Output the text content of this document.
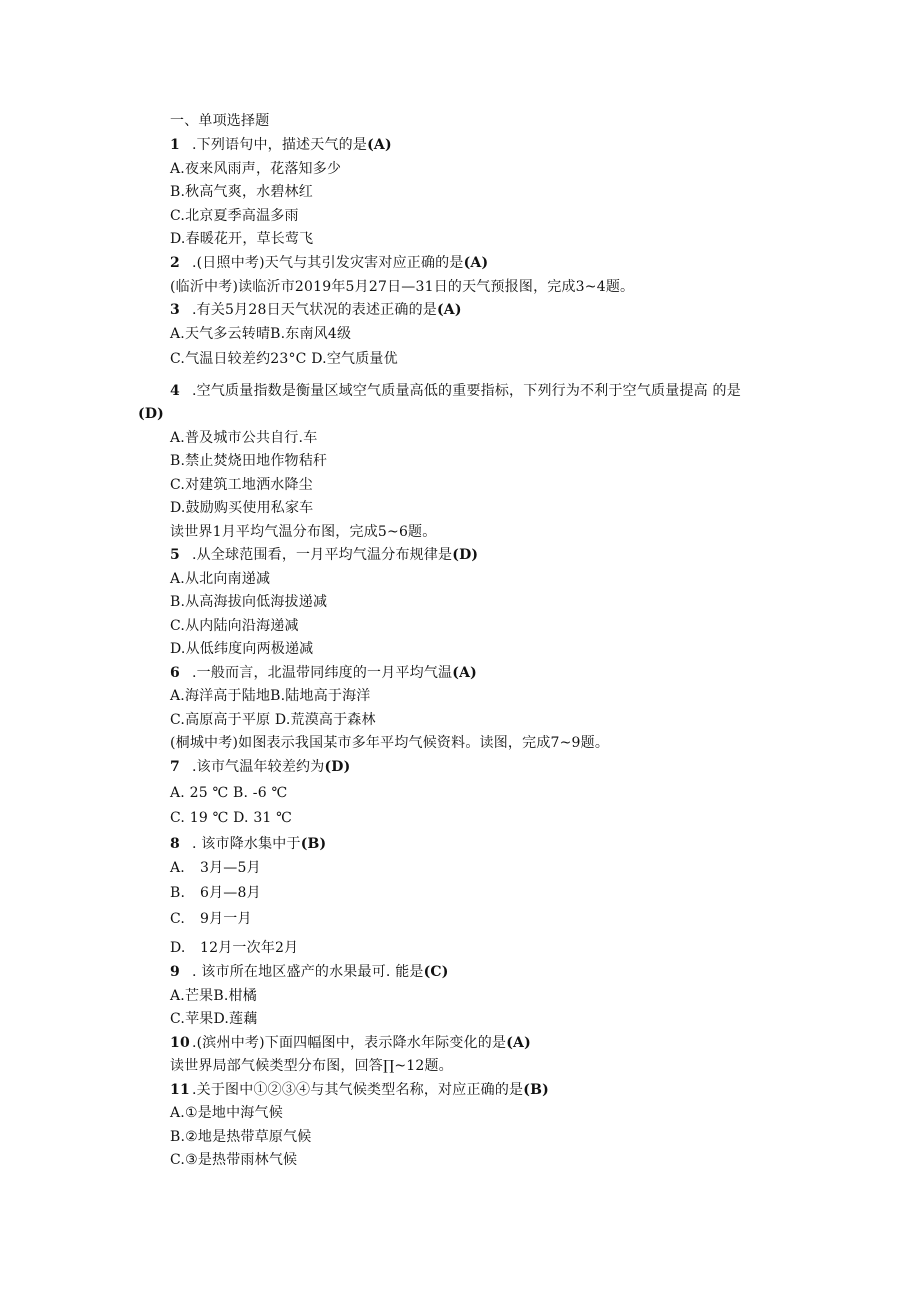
一、单项选择题
1 .下列语句中，描述天气的是(A)
A.夜来风雨声，花落知多少
B.秋高气爽，水碧林红
C.北京夏季高温多雨
D.春暖花开，草长莺飞
2 .(日照中考)天气与其引发灾害对应正确的是(A)
(临沂中考)读临沂市2019年5月27日—31日的天气预报图，完成3~4题。
3 .有关5月28日天气状况的表述正确的是(A)
A.天气多云转晴B.东南风4级
C.气温日较差约23°C D.空气质量优
4 .空气质量指数是衡量区域空气质量高低的重要指标，下列行为不利于空气质量提高 的是
(D)
A.普及城市公共自行.车
B.禁止焚烧田地作物秸秆
C.对建筑工地洒水降尘
D.鼓励购买使用私家车
读世界1月平均气温分布图，完成5~6题。
5 .从全球范围看，一月平均气温分布规律是(D)
A.从北向南递减
B.从高海拔向低海拔递减
C.从内陆向沿海递减
D.从低纬度向两极递减
6 .一般而言，北温带同纬度的一月平均气温(A)
A.海洋高于陆地B.陆地高于海洋
C.高原高于平原 D.荒漠高于森林
(桐城中考)如图表示我国某市多年平均气候资料。读图，完成7~9题。
7 .该市气温年较差约为(D)
A. 25 ℃ B. -6 ℃
C. 19 ℃ D. 31 ℃
8 . 该市降水集中于(B)
A. 3月—5月
B. 6月—8月
C. 9月一月
D. 12月一次年2月
9 . 该市所在地区盛产的水果最可. 能是(C)
A.芒果B.柑橘
C.苹果D.莲藕
10 .(滨州中考)下面四幅图中，表示降水年际变化的是(A)
读世界局部气候类型分布图，回答∏~12题。
11 .关于图中①②③④与其气候类型名称，对应正确的是(B)
A.①是地中海气候
B.②地是热带草原气候
C.③是热带雨林气候
